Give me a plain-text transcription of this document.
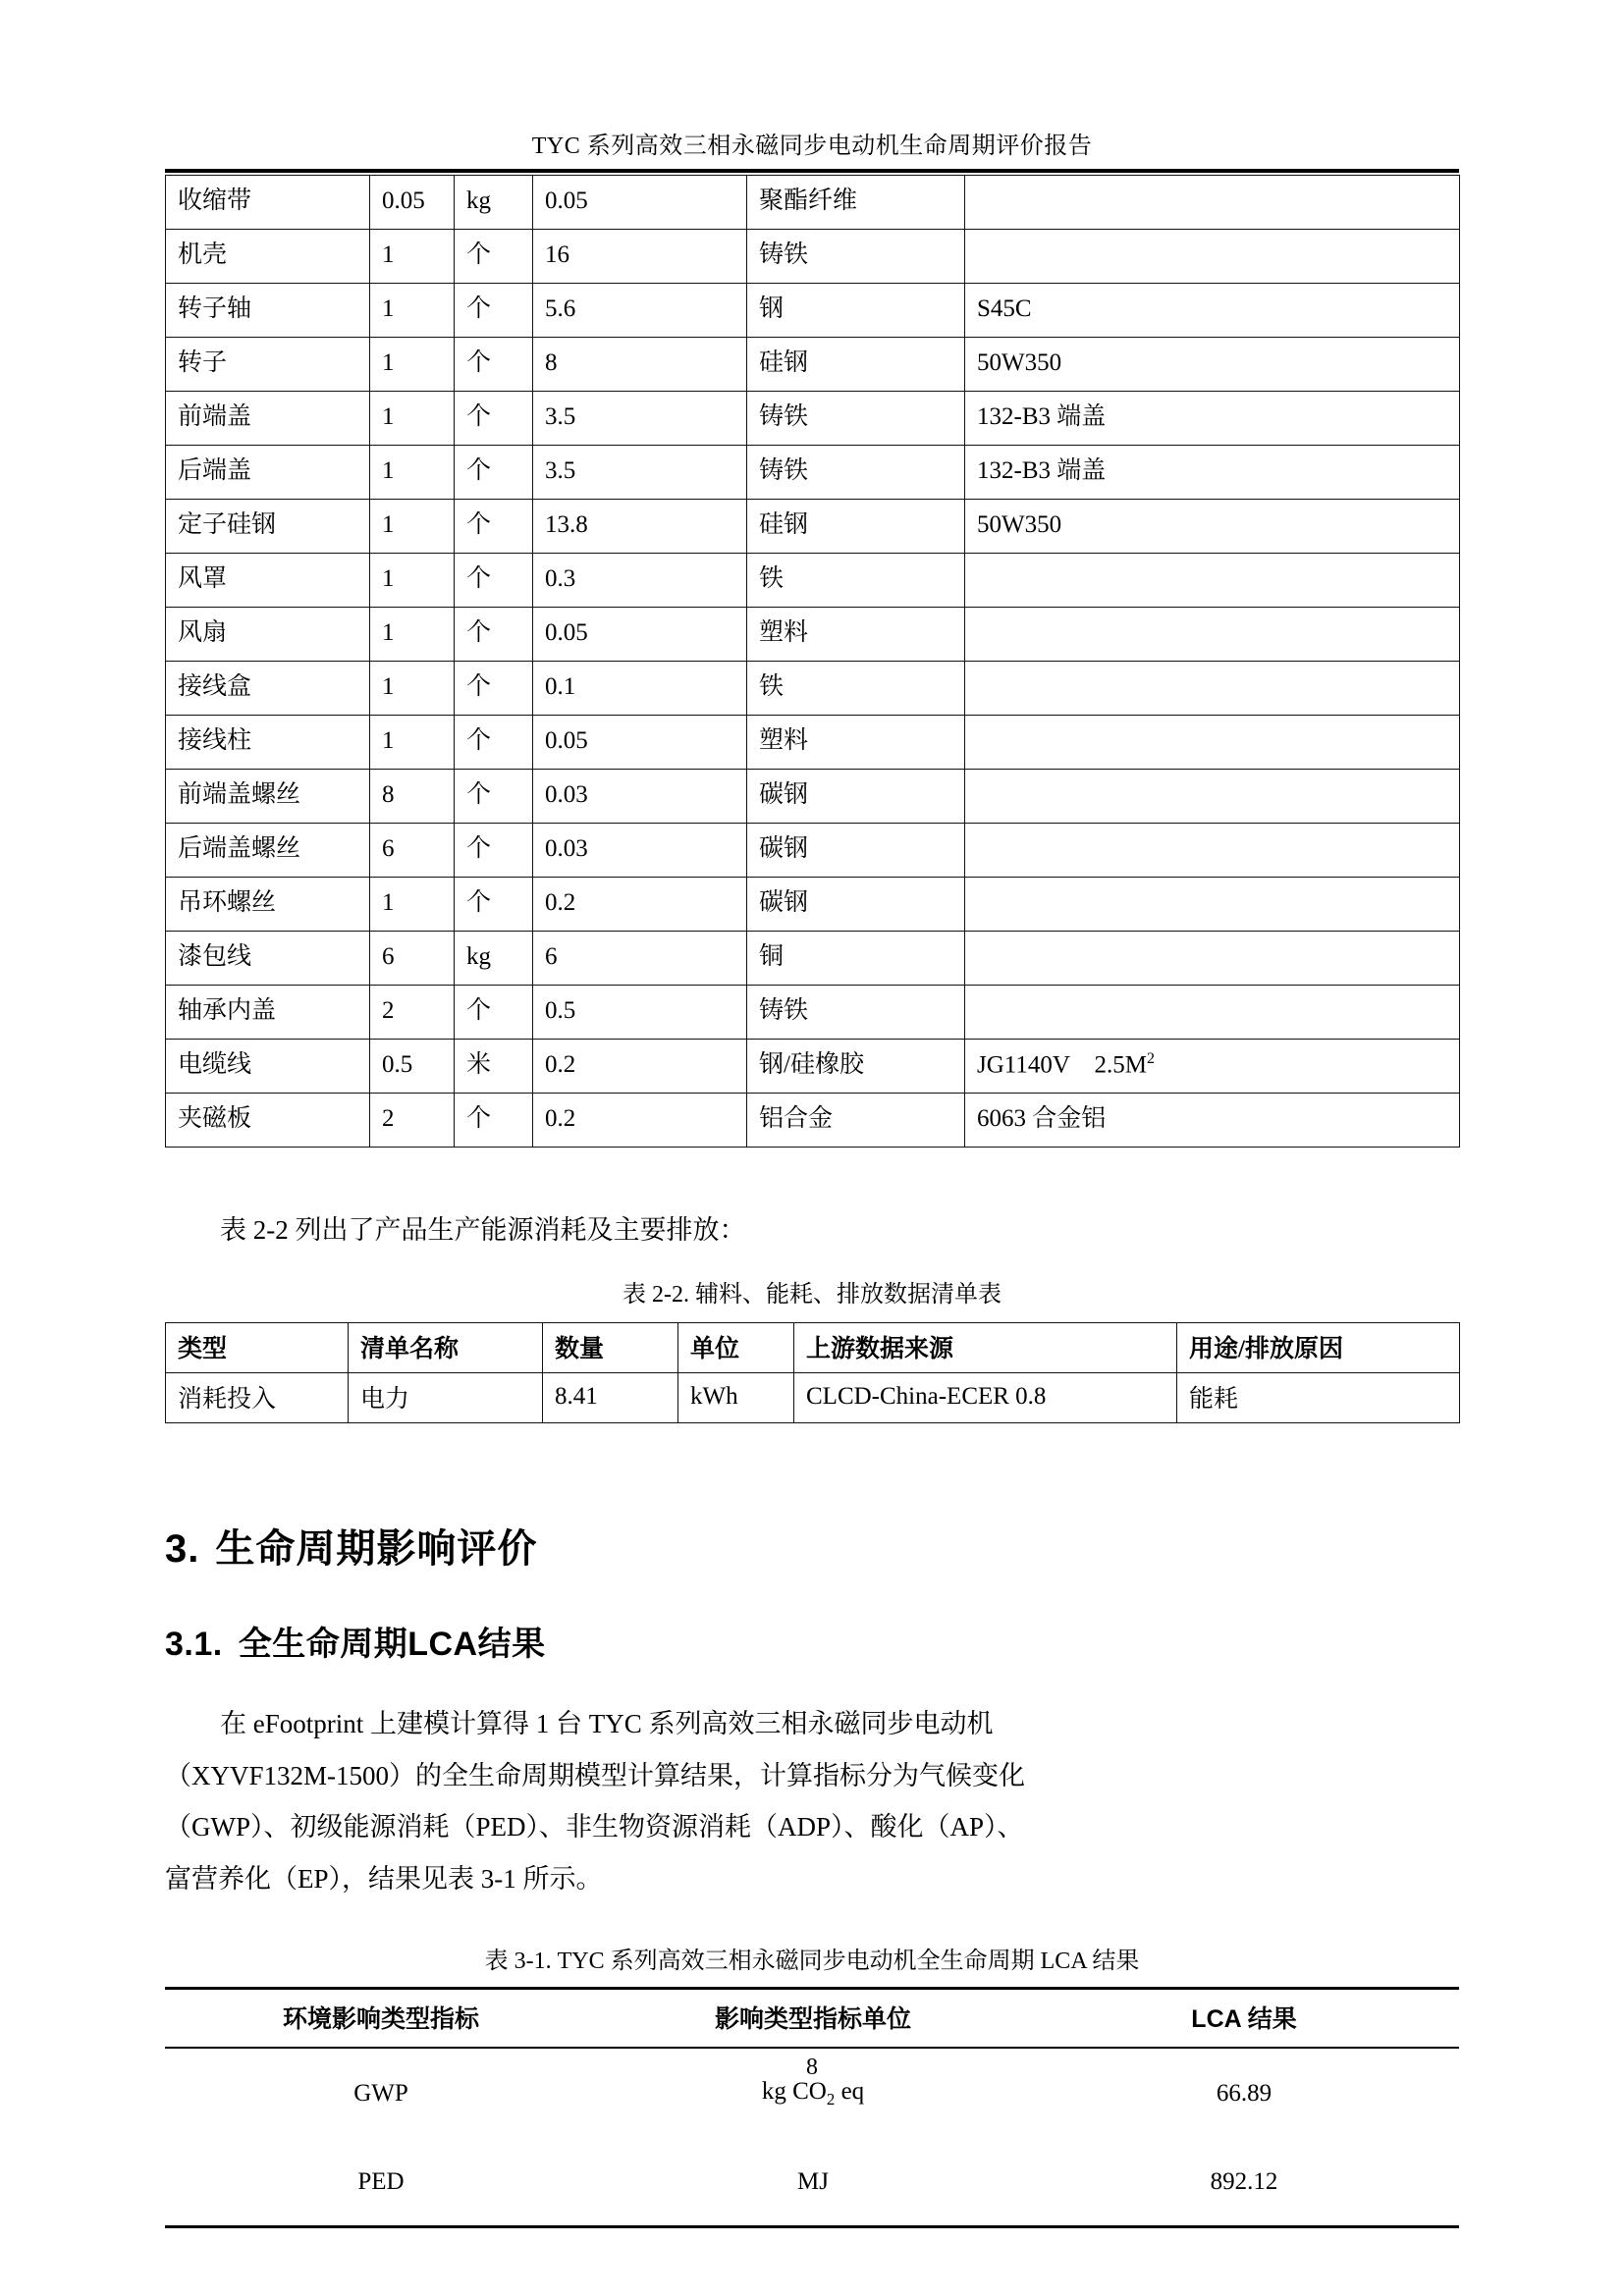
TYC 系列高效三相永磁同步电动机生命周期评价报告
收缩带	0.05	kg	0.05	聚酯纤维	
机壳	1	个	16	铸铁	
转子轴	1	个	5.6	钢	S45C
转子	1	个	8	硅钢	50W350
前端盖	1	个	3.5	铸铁	132-B3 端盖
后端盖	1	个	3.5	铸铁	132-B3 端盖
定子硅钢	1	个	13.8	硅钢	50W350
风罩	1	个	0.3	铁	
风扇	1	个	0.05	塑料	
接线盒	1	个	0.1	铁	
接线柱	1	个	0.05	塑料	
前端盖螺丝	8	个	0.03	碳钢	
后端盖螺丝	6	个	0.03	碳钢	
吊环螺丝	1	个	0.2	碳钢	
漆包线	6	kg	6	铜	
轴承内盖	2	个	0.5	铸铁	
电缆线	0.5	米	0.2	钢/硅橡胶	JG1140V　$2.5M^2$
夹磁板	2	个	0.2	铝合金	6063 合金铝
表 2-2 列出了产品生产能源消耗及主要排放：
表 2-2. 辅料、能耗、排放数据清单表
类型	清单名称	数量	单位	上游数据来源	用途/排放原因
消耗投入	电力	8.41	kWh	CLCD-China-ECER 0.8	能耗
3. 生命周期影响评价
3.1. 全生命周期LCA结果

在 eFootprint 上建模计算得 1 台 TYC 系列高效三相永磁同步电动机

（XYVF132M-1500）的全生命周期模型计算结果，计算指标分为气候变化

（GWP）、初级能源消耗（PED）、非生物资源消耗（ADP）、酸化（AP）、

富营养化（EP），结果见表 3-1 所示。

表 3-1. TYC 系列高效三相永磁同步电动机全生命周期 LCA 结果
环境影响类型指标	影响类型指标单位	LCA 结果
GWP	kg $CO_2$ eq	66.89
PED	MJ	892.12
8
